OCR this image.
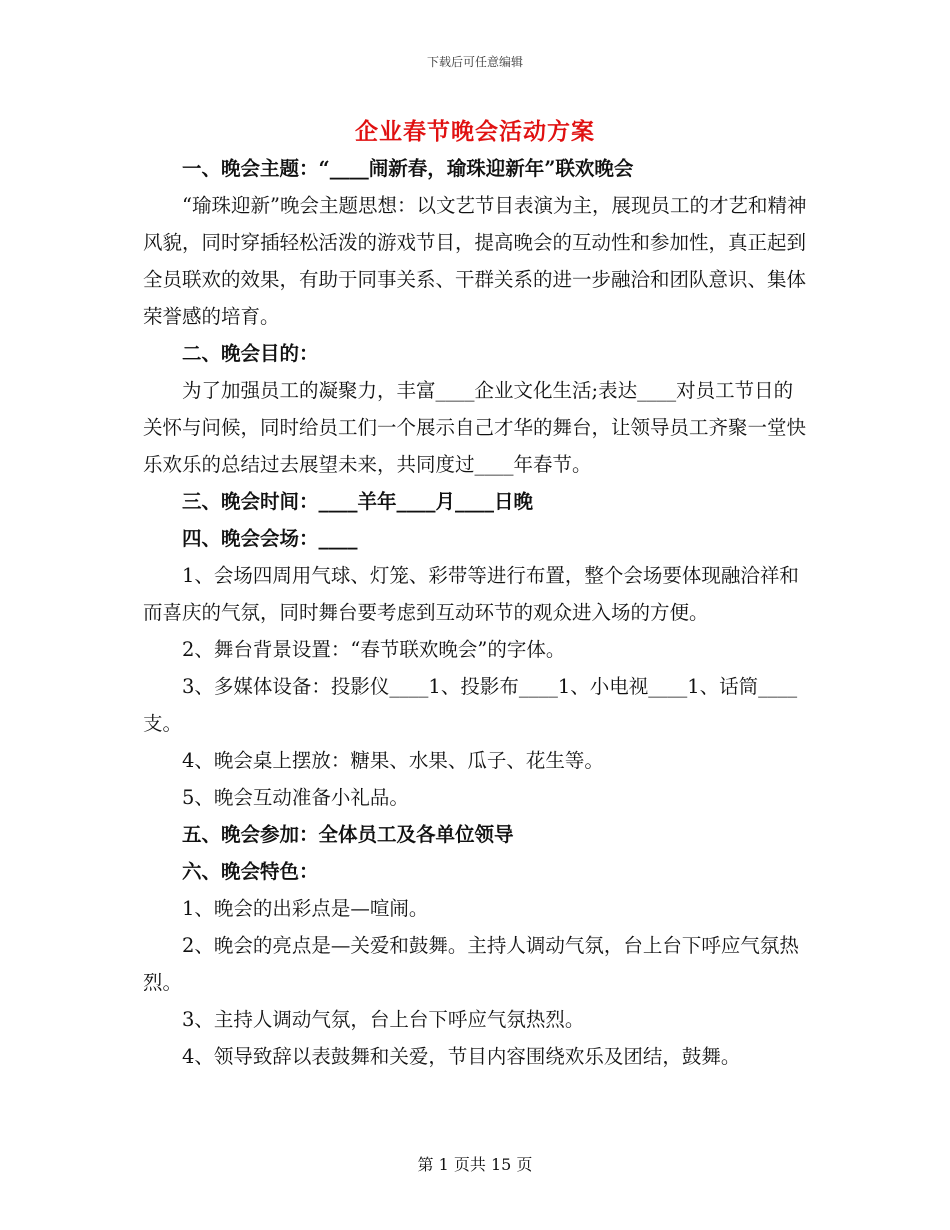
下载后可任意编辑
企业春节晚会活动方案

一、晚会主题：“____闹新春，瑜珠迎新年”联欢晚会

“瑜珠迎新”晚会主题思想：以文艺节目表演为主，展现员工的才艺和精神风貌，同时穿插轻松活泼的游戏节目，提高晚会的互动性和参加性，真正起到全员联欢的效果，有助于同事关系、干群关系的进一步融洽和团队意识、集体荣誉感的培育。

二、晚会目的：

为了加强员工的凝聚力，丰富____企业文化生活;表达____对员工节日的关怀与问候，同时给员工们一个展示自己才华的舞台，让领导员工齐聚一堂快乐欢乐的总结过去展望未来，共同度过____年春节。

三、晚会时间：____羊年____月____日晚

四、晚会会场：____

1、会场四周用气球、灯笼、彩带等进行布置，整个会场要体现融洽祥和而喜庆的气氛，同时舞台要考虑到互动环节的观众进入场的方便。

2、舞台背景设置：“春节联欢晚会”的字体。

3、多媒体设备：投影仪____1、投影布____1、小电视____1、话筒____支。

4、晚会桌上摆放：糖果、水果、瓜子、花生等。

5、晚会互动准备小礼品。

五、晚会参加：全体员工及各单位领导

六、晚会特色：

1、晚会的出彩点是—喧闹。

2、晚会的亮点是—关爱和鼓舞。主持人调动气氛，台上台下呼应气氛热烈。

3、主持人调动气氛，台上台下呼应气氛热烈。

4、领导致辞以表鼓舞和关爱，节目内容围绕欢乐及团结，鼓舞。

第 1 页共 15 页
